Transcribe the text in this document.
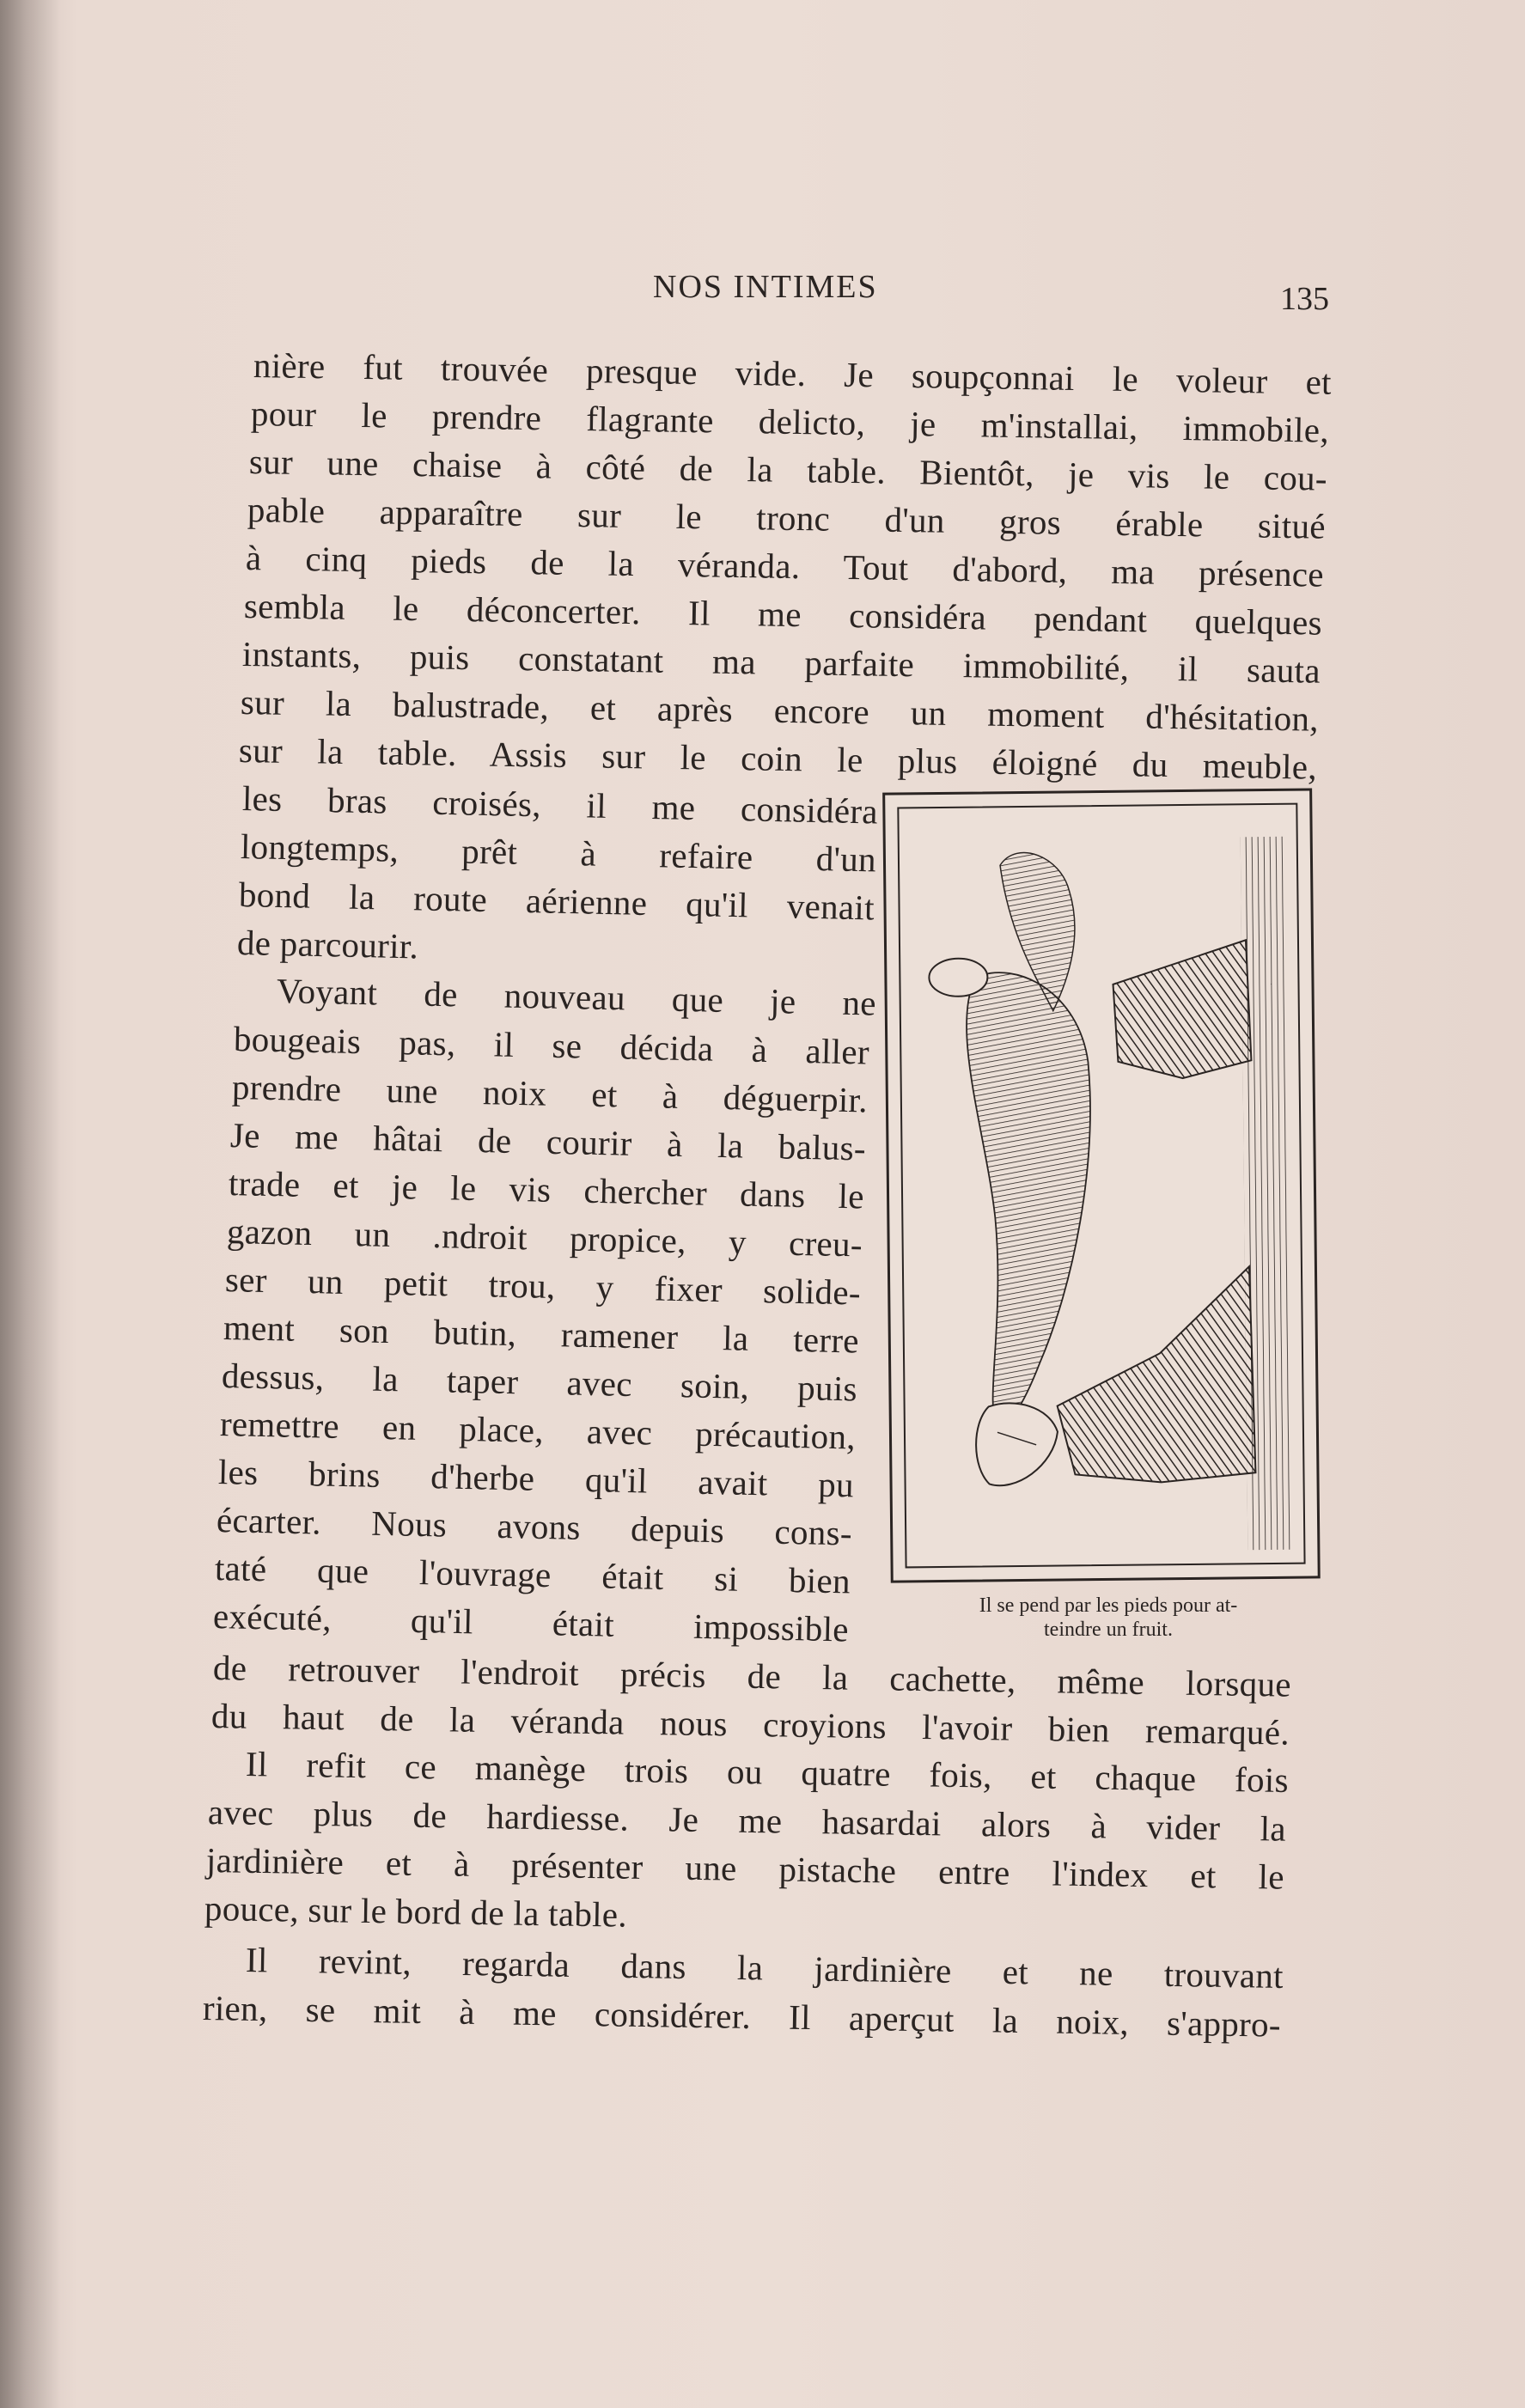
NOS INTIMES	135
nière fut trouvée presque vide. Je soupçonnai le voleur et
pour le prendre flagrante delicto, je m'installai, immobile,
sur une chaise à côté de la table. Bientôt, je vis le cou-
pable apparaître sur le tronc d'un gros érable situé
à cinq pieds de la véranda. Tout d'abord, ma présence
sembla le déconcerter. Il me considéra pendant quelques
instants, puis constatant ma parfaite immobilité, il sauta
sur la balustrade, et après encore un moment d'hésitation,
sur la table. Assis sur le coin le plus éloigné du meuble,
les bras croisés, il me considéra
longtemps, prêt à refaire d'un
bond la route aérienne qu'il venait
de parcourir.
Voyant de nouveau que je ne
bougeais pas, il se décida à aller
prendre une noix et à déguerpir.
Je me hâtai de courir à la balus-
trade et je le vis chercher dans le
gazon un .ndroit propice, y creu-
ser un petit trou, y fixer solide-
ment son butin, ramener la terre
dessus, la taper avec soin, puis
remettre en place, avec précaution,
les brins d'herbe qu'il avait pu
écarter. Nous avons depuis cons-
taté que l'ouvrage était si bien
exécuté, qu'il était impossible
de retrouver l'endroit précis de la cachette, même lorsque
du haut de la véranda nous croyions l'avoir bien remarqué.
Il refit ce manège trois ou quatre fois, et chaque fois
avec plus de hardiesse. Je me hasardai alors à vider la
jardinière et à présenter une pistache entre l'index et le
pouce, sur le bord de la table.
Il revint, regarda dans la jardinière et ne trouvant
rien, se mit à me considérer. Il aperçut la noix, s'appro-
Il se pend par les pieds pour at-
teindre un fruit.
